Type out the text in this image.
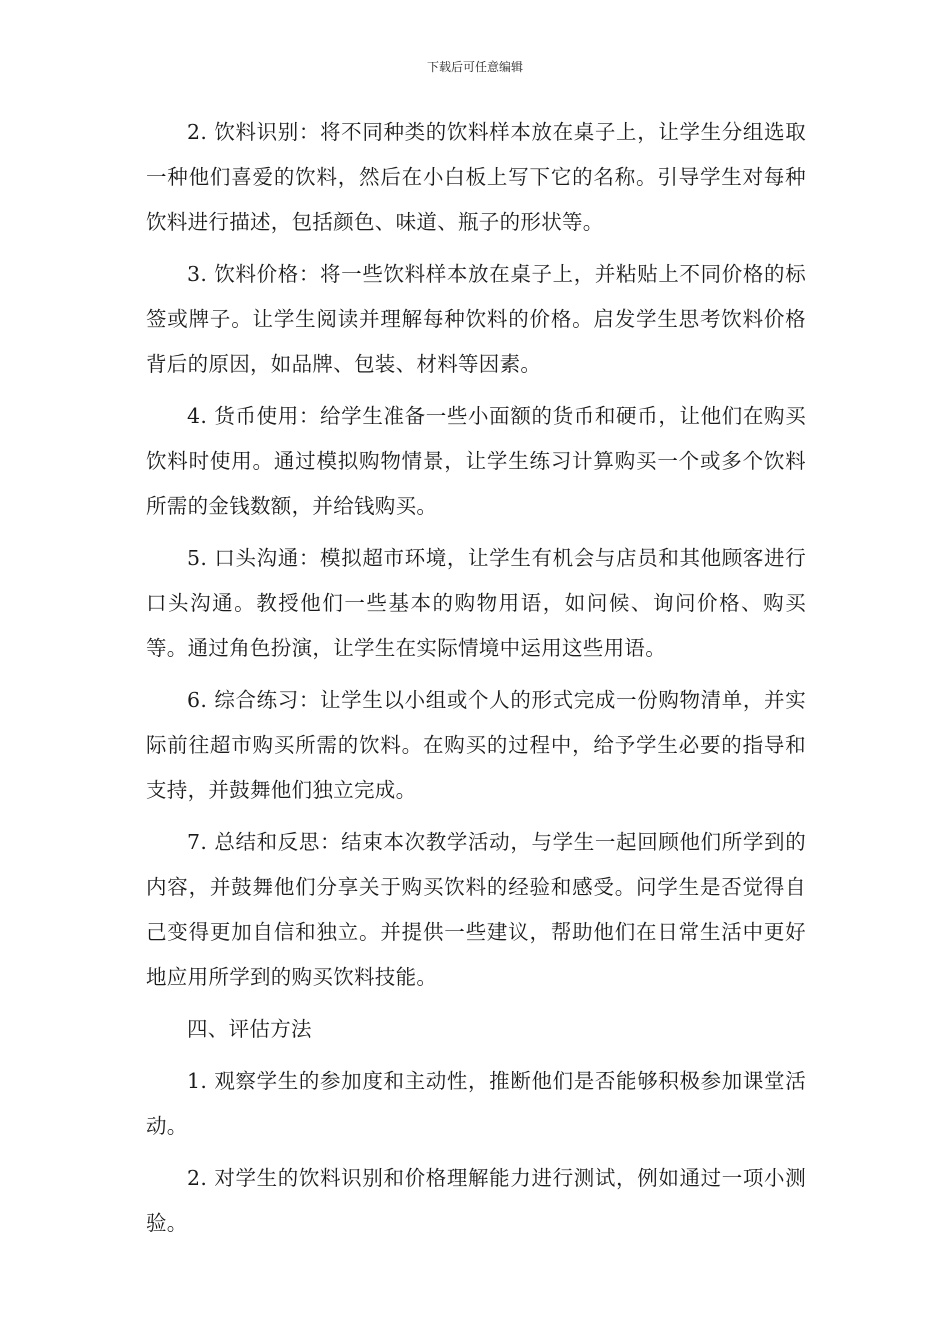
下载后可任意编辑

2. 饮料识别：将不同种类的饮料样本放在桌子上，让学生分组选取一种他们喜爱的饮料，然后在小白板上写下它的名称。引导学生对每种饮料进行描述，包括颜色、味道、瓶子的形状等。

3. 饮料价格：将一些饮料样本放在桌子上，并粘贴上不同价格的标签或牌子。让学生阅读并理解每种饮料的价格。启发学生思考饮料价格背后的原因，如品牌、包装、材料等因素。

4. 货币使用：给学生准备一些小面额的货币和硬币，让他们在购买饮料时使用。通过模拟购物情景，让学生练习计算购买一个或多个饮料所需的金钱数额，并给钱购买。

5. 口头沟通：模拟超市环境，让学生有机会与店员和其他顾客进行口头沟通。教授他们一些基本的购物用语，如问候、询问价格、购买等。通过角色扮演，让学生在实际情境中运用这些用语。

6. 综合练习：让学生以小组或个人的形式完成一份购物清单，并实际前往超市购买所需的饮料。在购买的过程中，给予学生必要的指导和支持，并鼓舞他们独立完成。

7. 总结和反思：结束本次教学活动，与学生一起回顾他们所学到的内容，并鼓舞他们分享关于购买饮料的经验和感受。问学生是否觉得自己变得更加自信和独立。并提供一些建议，帮助他们在日常生活中更好地应用所学到的购买饮料技能。

四、评估方法

1. 观察学生的参加度和主动性，推断他们是否能够积极参加课堂活动。

2. 对学生的饮料识别和价格理解能力进行测试，例如通过一项小测验。
